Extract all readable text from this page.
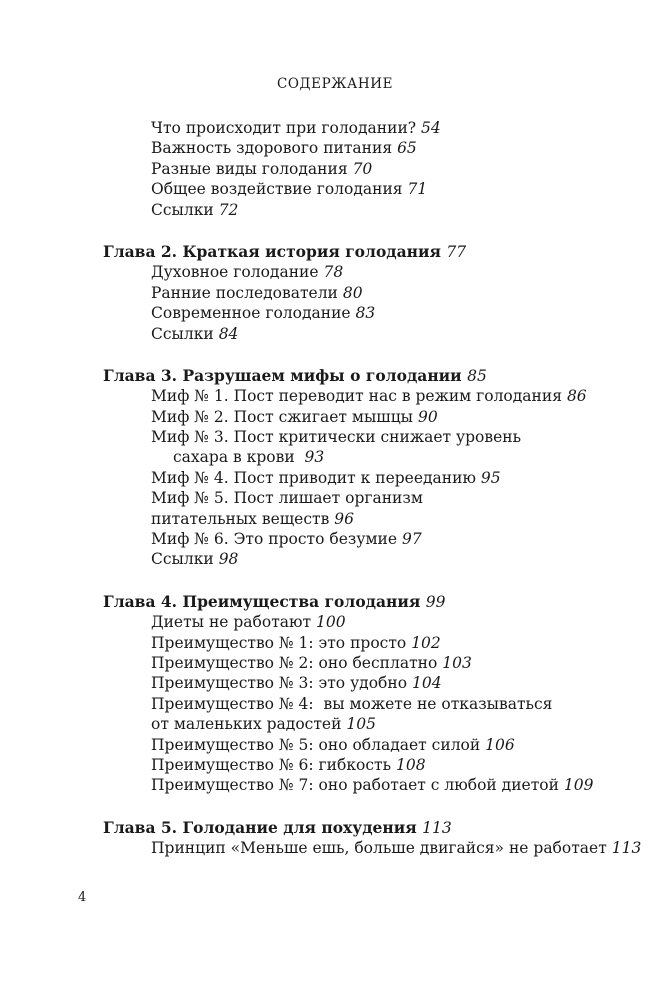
СОДЕРЖАНИЕ
Что происходит при голодании? 54
Важность здорового питания 65
Разные виды голодания 70
Общее воздействие голодания 71
Ссылки 72
Глава 2. Краткая история голодания 77
Духовное голодание 78
Ранние последователи 80
Современное голодание 83
Ссылки 84
Глава 3. Разрушаем мифы о голодании 85
Миф № 1. Пост переводит нас в режим голодания 86
Миф № 2. Пост сжигает мышцы 90
Миф № 3. Пост критически снижает уровень
сахара в крови 93
Миф № 4. Пост приводит к перееданию 95
Миф № 5. Пост лишает организм
питательных веществ 96
Миф № 6. Это просто безумие 97
Ссылки 98
Глава 4. Преимущества голодания 99
Диеты не работают 100
Преимущество № 1: это просто 102
Преимущество № 2: оно бесплатно 103
Преимущество № 3: это удобно 104
Преимущество № 4:  вы можете не отказываться
от маленьких радостей 105
Преимущество № 5: оно обладает силой 106
Преимущество № 6: гибкость 108
Преимущество № 7: оно работает с любой диетой 109
Глава 5. Голодание для похудения 113
Принцип «Меньше ешь, больше двигайся» не работает 113
4
